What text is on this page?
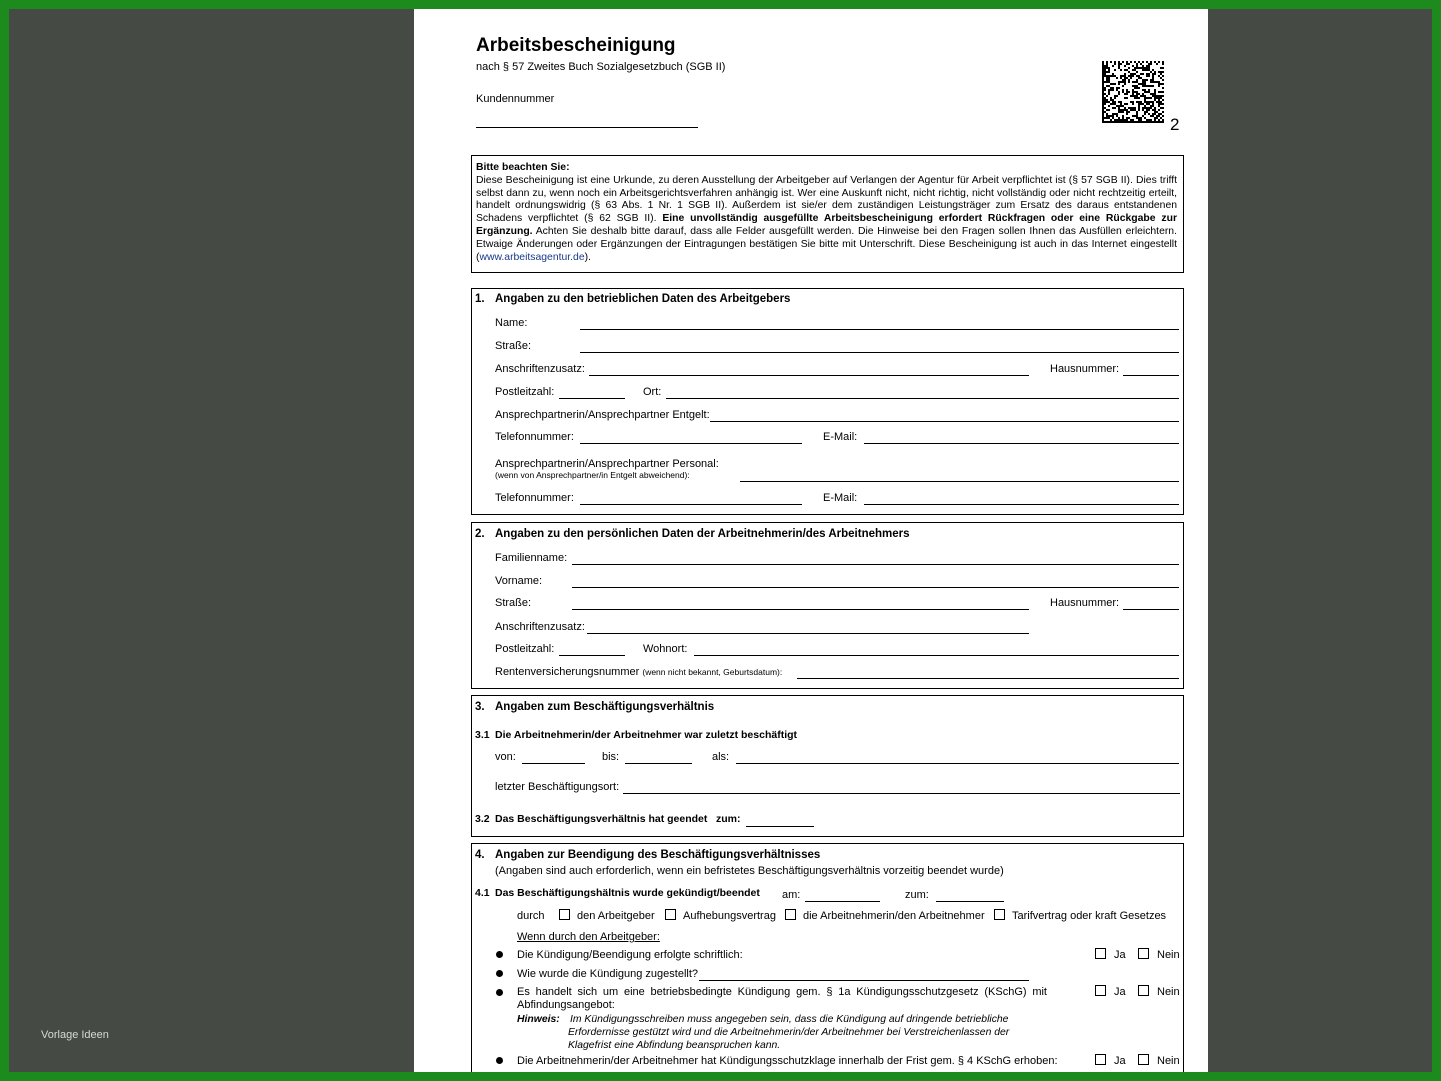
Vorlage Ideen
Arbeitsbescheinigung
nach § 57 Zweites Buch Sozialgesetzbuch (SGB II)
Kundennummer
2
Bitte beachten Sie:
Diese Bescheinigung ist eine Urkunde, zu deren Ausstellung der Arbeitgeber auf Verlangen der Agentur für Arbeit verpflichtet ist (§ 57 SGB II). Dies trifft selbst dann zu, wenn noch ein Arbeitsgerichtsverfahren anhängig ist. Wer eine Auskunft nicht, nicht richtig, nicht vollständig oder nicht rechtzeitig erteilt, handelt ordnungswidrig (§ 63 Abs. 1 Nr. 1 SGB II). Außerdem ist sie/er dem zuständigen Leistungsträger zum Ersatz des daraus entstandenen Schadens verpflichtet (§ 62 SGB II). Eine unvollständig ausgefüllte Arbeitsbescheinigung erfordert Rückfragen oder eine Rückgabe zur Ergänzung. Achten Sie deshalb bitte darauf, dass alle Felder ausgefüllt werden. Die Hinweise bei den Fragen sollen Ihnen das Ausfüllen erleichtern. Etwaige Änderungen oder Ergänzungen der Eintragungen bestätigen Sie bitte mit Unterschrift. Diese Bescheinigung ist auch in das Internet eingestellt (www.arbeitsagentur.de).
1. Angaben zu den betrieblichen Daten des Arbeitgebers
Name:
Straße:
Anschriftenzusatz:	Hausnummer:
Postleitzahl:	Ort:
Ansprechpartnerin/Ansprechpartner Entgelt:
Telefonnummer:	E-Mail:
Ansprechpartnerin/Ansprechpartner Personal:
(wenn von Ansprechpartner/in Entgelt abweichend):
Telefonnummer:	E-Mail:
2. Angaben zu den persönlichen Daten der Arbeitnehmerin/des Arbeitnehmers
Familienname:
Vorname:
Straße:	Hausnummer:
Anschriftenzusatz:
Postleitzahl:	Wohnort:
Rentenversicherungsnummer (wenn nicht bekannt, Geburtsdatum):
3. Angaben zum Beschäftigungsverhältnis
3.1 Die Arbeitnehmerin/der Arbeitnehmer war zuletzt beschäftigt
von:	bis:	als:
letzter Beschäftigungsort:
3.2 Das Beschäftigungsverhältnis hat geendet zum:
4. Angaben zur Beendigung des Beschäftigungsverhältnisses
(Angaben sind auch erforderlich, wenn ein befristetes Beschäftigungsverhältnis vorzeitig beendet wurde)
4.1 Das Beschäftigungshältnis wurde gekündigt/beendet am:	zum:
durch	den Arbeitgeber	Aufhebungsvertrag die Arbeitnehmerin/den Arbeitnehmer Tarifvertrag oder kraft Gesetzes
Wenn durch den Arbeitgeber:
Die Kündigung/Beendigung erfolgte schriftlich:	Ja	Nein
Wie wurde die Kündigung zugestellt?
Es handelt sich um eine betriebsbedingte Kündigung gem. § 1a Kündigungsschutzgesetz (KSchG) mit
Abfindungsangebot:
Ja	Nein
Hinweis: Im Kündigungsschreiben muss angegeben sein, dass die Kündigung auf dringende betriebliche
Erfordernisse gestützt wird und die Arbeitnehmerin/der Arbeitnehmer bei Verstreichenlassen der
Klagefrist eine Abfindung beanspruchen kann.
Die Arbeitnehmerin/der Arbeitnehmer hat Kündigungsschutzklage innerhalb der Frist gem. § 4 KSchG erhoben:	Ja	Nein
